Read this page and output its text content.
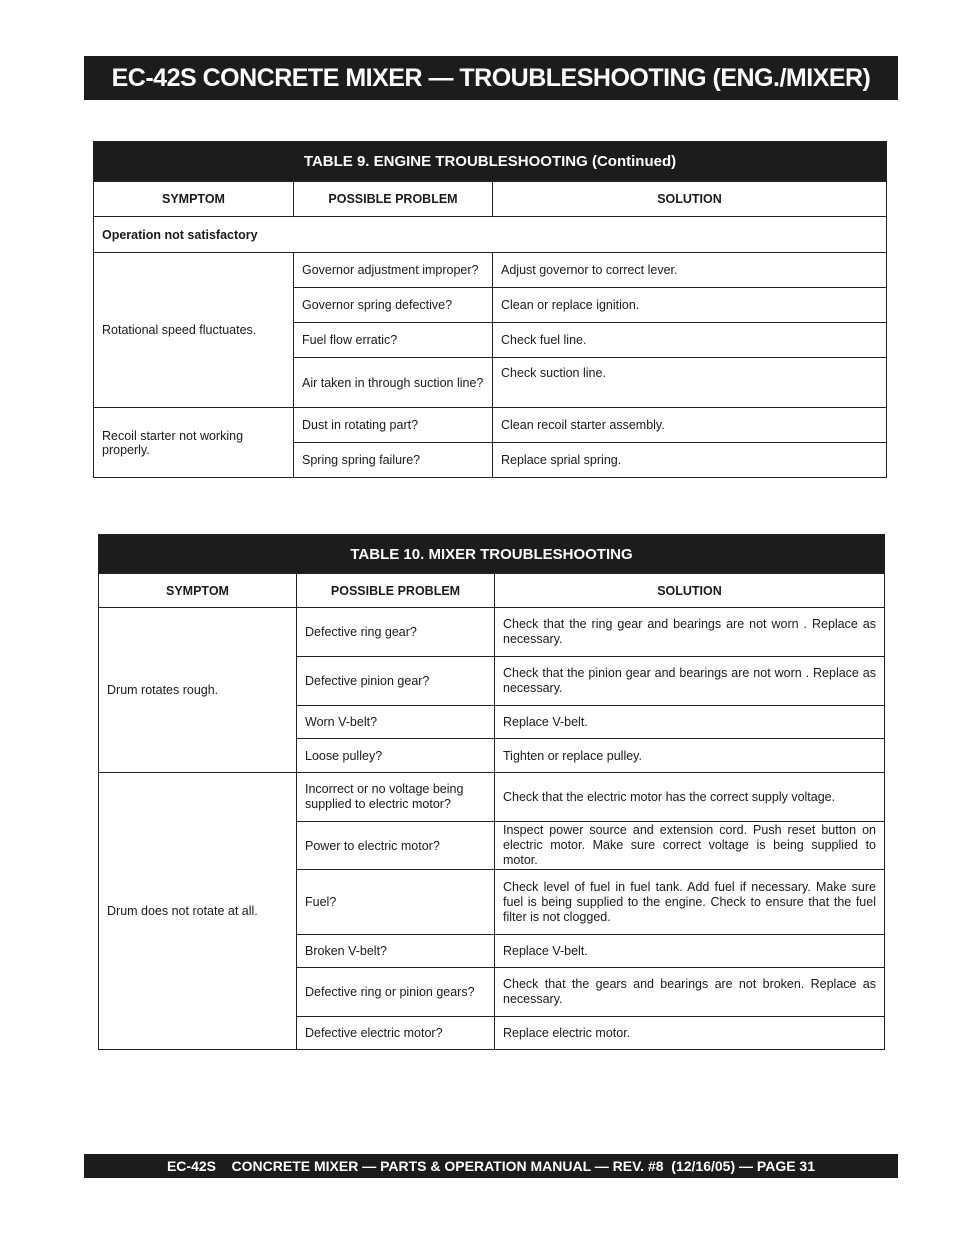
EC-42S CONCRETE MIXER — TROUBLESHOOTING (ENG./MIXER)
TABLE 9. ENGINE TROUBLESHOOTING (Continued)		
SYMPTOM	POSSIBLE PROBLEM	SOLUTION
Operation not satisfactory		
Rotational speed fluctuates.	Governor adjustment improper?	Adjust governor to correct lever.
	Governor spring defective?	Clean or replace ignition.
	Fuel flow erratic?	Check fuel line.
	Air taken in through suction line?	Check suction line.
Recoil starter not working properly.	Dust in rotating part?	Clean recoil starter assembly.
	Spring spring failure?	Replace sprial spring.
TABLE 10. MIXER TROUBLESHOOTING		
SYMPTOM	POSSIBLE PROBLEM	SOLUTION
Drum rotates rough.	Defective ring gear?	Check that the ring gear and bearings are not worn . Replace as necessary.
	Defective pinion gear?	Check that the pinion gear and bearings are not worn . Replace as necessary.
	Worn V-belt?	Replace V-belt.
	Loose pulley?	Tighten or replace pulley.
Drum does not rotate at all.	Incorrect or no voltage being supplied to electric motor?	Check that the electric motor has the correct supply voltage.
	Power to electric motor?	Inspect power source and extension cord. Push reset button on electric motor. Make sure correct voltage is being supplied to motor.
	Fuel?	Check level of fuel in fuel tank. Add fuel if necessary. Make sure fuel is being supplied to the engine. Check to ensure that the fuel filter is not clogged.
	Broken V-belt?	Replace V-belt.
	Defective ring or pinion gears?	Check that the gears and bearings are not broken. Replace as necessary.
	Defective electric motor?	Replace electric motor.
EC-42S    CONCRETE MIXER — PARTS & OPERATION MANUAL — REV. #8  (12/16/05) — PAGE 31
